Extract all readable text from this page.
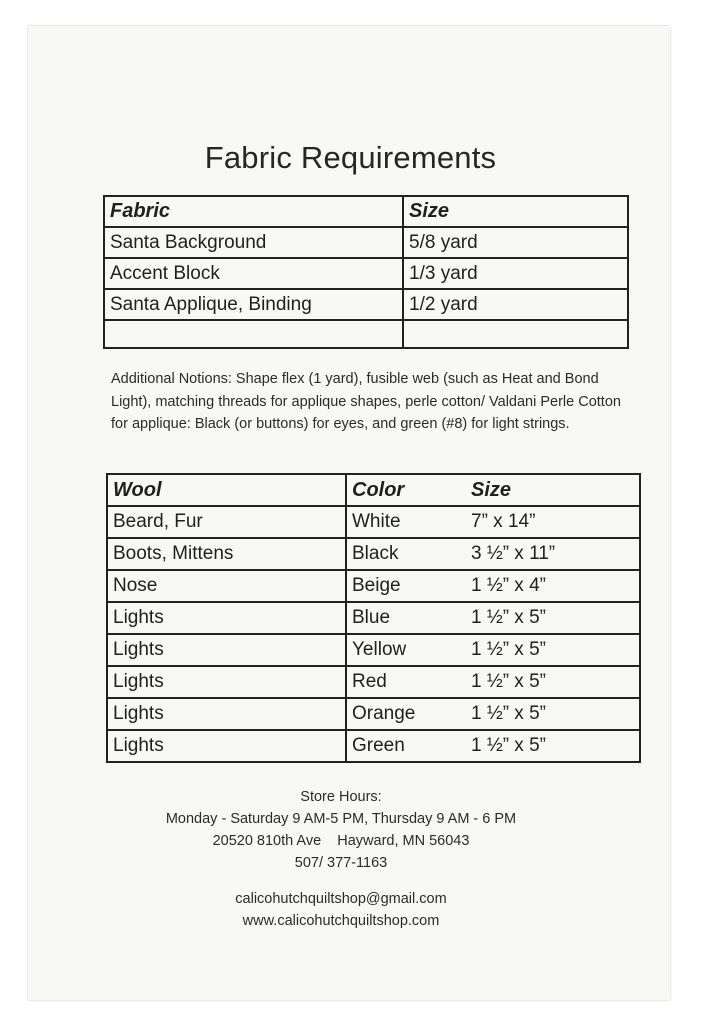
Fabric Requirements
Fabric	Size
Santa Background	5/8 yard
Accent Block	1/3 yard
Santa Applique, Binding	1/2 yard

Additional Notions: Shape flex (1 yard), fusible web (such as Heat and Bond Light), matching threads for applique shapes, perle cotton/ Valdani Perle Cotton for applique: Black (or buttons) for eyes, and green (#8) for light strings.
Wool	Color	Size
Beard, Fur	White	7” x 14”
Boots, Mittens	Black	3 ½” x 11”
Nose	Beige	1 ½” x 4”
Lights	Blue	1 ½” x 5”
Lights	Yellow	1 ½” x 5”
Lights	Red	1 ½” x 5”
Lights	Orange	1 ½” x 5”
Lights	Green	1 ½” x 5”
Store Hours:
Monday - Saturday 9 AM-5 PM, Thursday 9 AM - 6 PM
20520 810th Ave    Hayward, MN 56043
507/ 377-1163
calicohutchquiltshop@gmail.com
www.calicohutchquiltshop.com
